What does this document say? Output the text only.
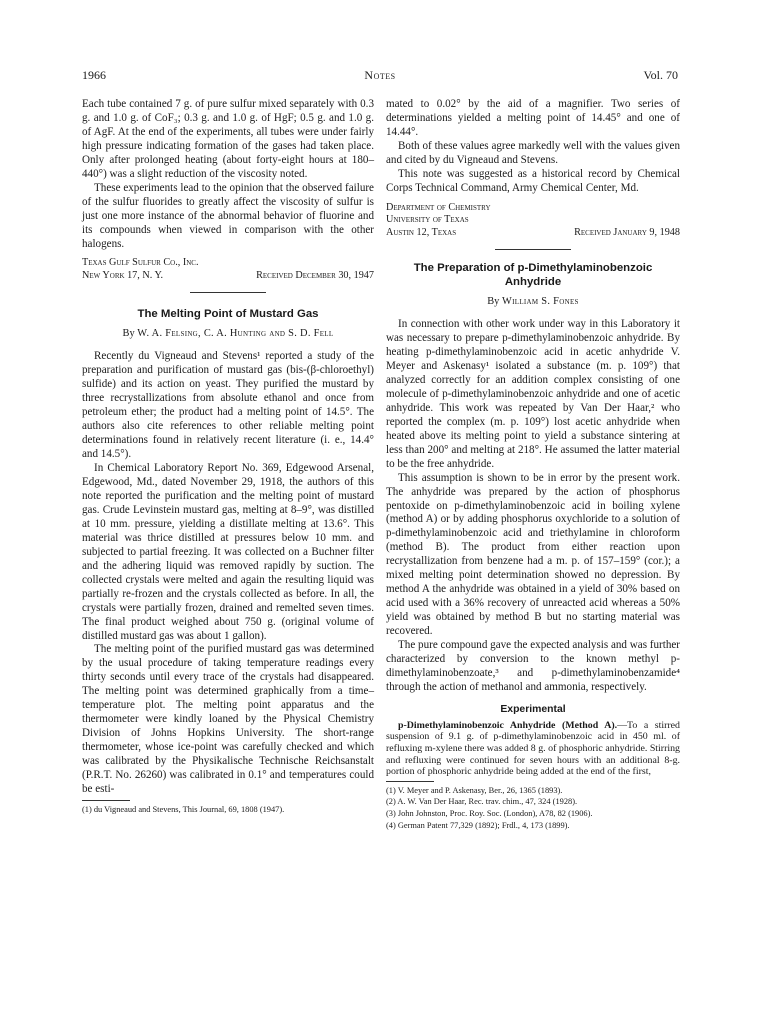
1966	Notes	Vol. 70

Each tube contained 7 g. of pure sulfur mixed separately with 0.3 g. and 1.0 g. of CoF₃; 0.3 g. and 1.0 g. of HgF; 0.5 g. and 1.0 g. of AgF. At the end of the experiments, all tubes were under fairly high pressure indicating formation of the gases had taken place. Only after prolonged heating (about forty-eight hours at 180–440°) was a slight reduction of the viscosity noted.

These experiments lead to the opinion that the observed failure of the sulfur fluorides to greatly affect the viscosity of sulfur is just one more instance of the abnormal behavior of fluorine and its compounds when viewed in comparison with the other halogens.

Texas Gulf Sulfur Co., Inc.
New York 17, N. Y.	Received December 30, 1947
The Melting Point of Mustard Gas
By W. A. Felsing, C. A. Hunting and S. D. Fell

Recently du Vigneaud and Stevens¹ reported a study of the preparation and purification of mustard gas (bis-(β-chloroethyl) sulfide) and its action on yeast. They purified the mustard by three recrystallizations from absolute ethanol and once from petroleum ether; the product had a melting point of 14.5°. The authors also cite references to other reliable melting point determinations found in relatively recent literature (i. e., 14.4° and 14.5°).

In Chemical Laboratory Report No. 369, Edgewood Arsenal, Edgewood, Md., dated November 29, 1918, the authors of this note reported the purification and the melting point of mustard gas. Crude Levinstein mustard gas, melting at 8–9°, was distilled at 10 mm. pressure, yielding a distillate melting at 13.6°. This material was thrice distilled at pressures below 10 mm. and subjected to partial freezing. It was collected on a Buchner filter and the adhering liquid was removed rapidly by suction. The collected crystals were melted and again the resulting liquid was partially re-frozen and the crystals collected as before. In all, the crystals were partially frozen, drained and remelted seven times. The final product weighed about 750 g. (original volume of distilled mustard gas was about 1 gallon).

The melting point of the purified mustard gas was determined by the usual procedure of taking temperature readings every thirty seconds until every trace of the crystals had disappeared. The melting point was determined graphically from a time–temperature plot. The melting point apparatus and the thermometer were kindly loaned by the Physical Chemistry Division of Johns Hopkins University. The short-range thermometer, whose ice-point was carefully checked and which was calibrated by the Physikalische Technische Reichsanstalt (P.R.T. No. 26260) was calibrated in 0.1° and temperatures could be esti-

(1) du Vigneaud and Stevens, This Journal, 69, 1808 (1947).

mated to 0.02° by the aid of a magnifier. Two series of determinations yielded a melting point of 14.45° and one of 14.44°.

Both of these values agree markedly well with the values given and cited by du Vigneaud and Stevens.

This note was suggested as a historical record by Chemical Corps Technical Command, Army Chemical Center, Md.

Department of Chemistry
University of Texas
Austin 12, Texas	Received January 9, 1948
The Preparation of p-Dimethylaminobenzoic
Anhydride
By William S. Fones

In connection with other work under way in this Laboratory it was necessary to prepare p-dimethylaminobenzoic anhydride. By heating p-dimethylaminobenzoic acid in acetic anhydride V. Meyer and Askenasy¹ isolated a substance (m. p. 109°) that analyzed correctly for an addition complex consisting of one molecule of p-dimethylaminobenzoic anhydride and one of acetic anhydride. This work was repeated by Van Der Haar,² who reported the complex (m. p. 109°) lost acetic anhydride when heated above its melting point to yield a substance sintering at less than 200° and melting at 218°. He assumed the latter material to be the free anhydride.

This assumption is shown to be in error by the present work. The anhydride was prepared by the action of phosphorus pentoxide on p-dimethylaminobenzoic acid in boiling xylene (method A) or by adding phosphorus oxychloride to a solution of p-dimethylaminobenzoic acid and triethylamine in chloroform (method B). The product from either reaction upon recrystallization from benzene had a m. p. of 157–159° (cor.); a mixed melting point determination showed no depression. By method A the anhydride was obtained in a yield of 30% based on acid used with a 36% recovery of unreacted acid whereas a 50% yield was obtained by method B but no starting material was recovered.

The pure compound gave the expected analysis and was further characterized by conversion to the known methyl p-dimethylaminobenzoate,³ and p-dimethylaminobenzamide⁴ through the action of methanol and ammonia, respectively.

Experimental

p-Dimethylaminobenzoic Anhydride (Method A).—To a stirred suspension of 9.1 g. of p-dimethylaminobenzoic acid in 450 ml. of refluxing m-xylene there was added 8 g. of phosphoric anhydride. Stirring and refluxing were continued for seven hours with an additional 8-g. portion of phosphoric anhydride being added at the end of the first,

(1) V. Meyer and P. Askenasy, Ber., 26, 1365 (1893).
(2) A. W. Van Der Haar, Rec. trav. chim., 47, 324 (1928).
(3) John Johnston, Proc. Roy. Soc. (London), A78, 82 (1906).
(4) German Patent 77,329 (1892); Frdl., 4, 173 (1899).
